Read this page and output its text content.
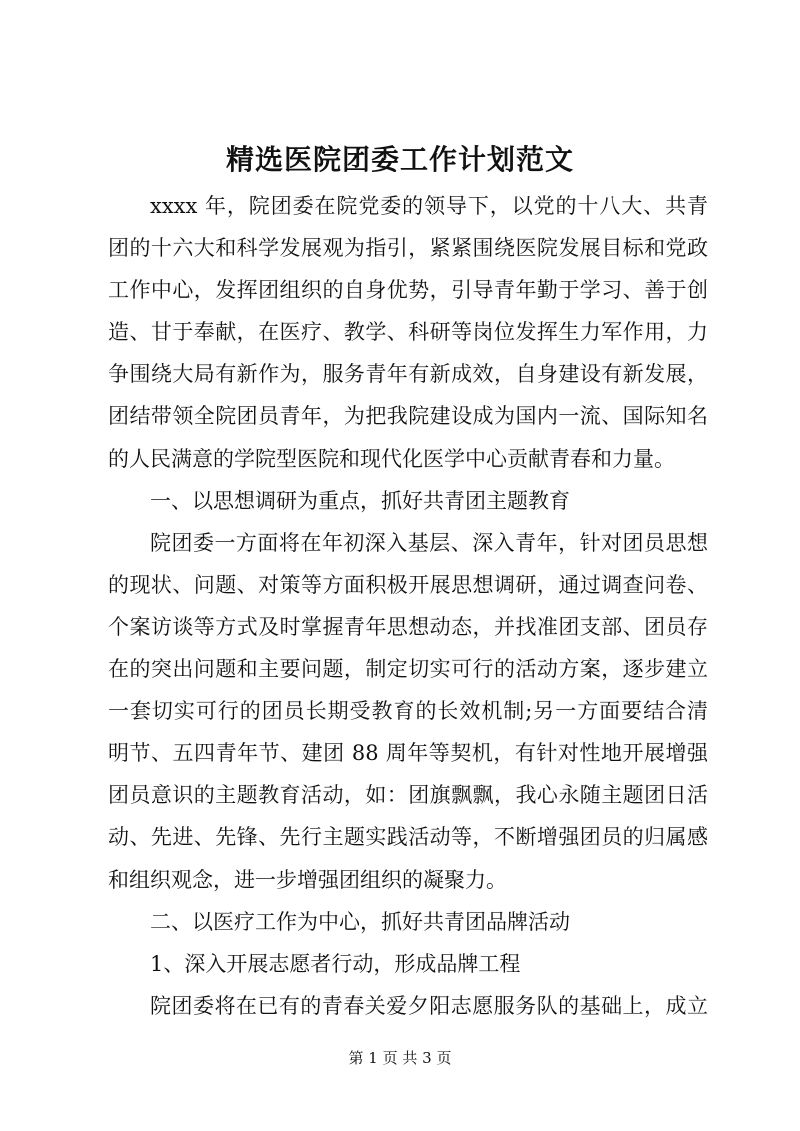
精选医院团委工作计划范文
xxxx 年，院团委在院党委的领导下，以党的十八大、共青
团的十六大和科学发展观为指引，紧紧围绕医院发展目标和党政
工作中心，发挥团组织的自身优势，引导青年勤于学习、善于创
造、甘于奉献，在医疗、教学、科研等岗位发挥生力军作用，力
争围绕大局有新作为，服务青年有新成效，自身建设有新发展，
团结带领全院团员青年，为把我院建设成为国内一流、国际知名
的人民满意的学院型医院和现代化医学中心贡献青春和力量。
一、以思想调研为重点，抓好共青团主题教育
院团委一方面将在年初深入基层、深入青年，针对团员思想
的现状、问题、对策等方面积极开展思想调研，通过调查问卷、
个案访谈等方式及时掌握青年思想动态，并找准团支部、团员存
在的突出问题和主要问题，制定切实可行的活动方案，逐步建立
一套切实可行的团员长期受教育的长效机制;另一方面要结合清
明节、五四青年节、建团 88 周年等契机，有针对性地开展增强
团员意识的主题教育活动，如：团旗飘飘，我心永随主题团日活
动、先进、先锋、先行主题实践活动等，不断增强团员的归属感
和组织观念，进一步增强团组织的凝聚力。
二、以医疗工作为中心，抓好共青团品牌活动
1、深入开展志愿者行动，形成品牌工程
院团委将在已有的青春关爱夕阳志愿服务队的基础上，成立
第 1 页 共 3 页
